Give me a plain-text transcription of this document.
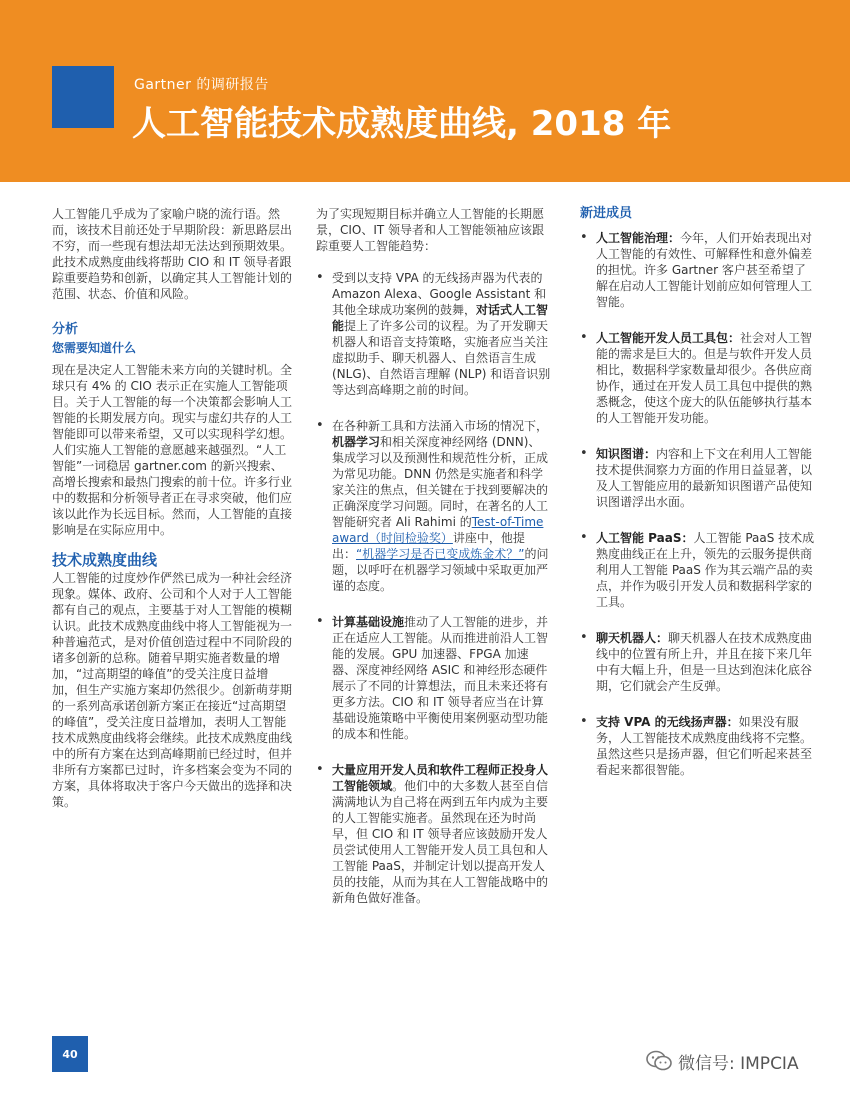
Gartner 的调研报告
人工智能技术成熟度曲线, 2018 年

人工智能几乎成为了家喻户晓的流行语。然而，该技术目前还处于早期阶段：新思路层出不穷，而一些现有想法却无法达到预期效果。此技术成熟度曲线将帮助 CIO 和 IT 领导者跟踪重要趋势和创新，以确定其人工智能计划的范围、状态、价值和风险。

分析
您需要知道什么

现在是决定人工智能未来方向的关键时机。全球只有 4% 的 CIO 表示正在实施人工智能项目。关于人工智能的每一个决策都会影响人工智能的长期发展方向。现实与虚幻共存的人工智能即可以带来希望，又可以实现科学幻想。人们实施人工智能的意愿越来越强烈。“人工智能”一词稳居 gartner.com 的新兴搜索、高增长搜索和最热门搜索的前十位。许多行业中的数据和分析领导者正在寻求突破，他们应该以此作为长远目标。然而，人工智能的直接影响是在实际应用中。

技术成熟度曲线

人工智能的过度炒作俨然已成为一种社会经济现象。媒体、政府、公司和个人对于人工智能都有自己的观点，主要基于对人工智能的模糊认识。此技术成熟度曲线中将人工智能视为一种普遍范式，是对价值创造过程中不同阶段的诸多创新的总称。随着早期实施者数量的增加，“过高期望的峰值”的受关注度日益增加，但生产实施方案却仍然很少。创新萌芽期的一系列高承诺创新方案正在接近“过高期望的峰值”，受关注度日益增加，表明人工智能技术成熟度曲线将会继续。此技术成熟度曲线中的所有方案在达到高峰期前已经过时，但并非所有方案都已过时，许多档案会变为不同的方案，具体将取决于客户今天做出的选择和决策。

为了实现短期目标并确立人工智能的长期愿景，CIO、IT 领导者和人工智能领袖应该跟踪重要人工智能趋势：

• 受到以支持 VPA 的无线扬声器为代表的 Amazon Alexa、Google Assistant 和其他全球成功案例的鼓舞，对话式人工智能提上了许多公司的议程。为了开发聊天机器人和语音支持策略，实施者应当关注虚拟助手、聊天机器人、自然语言生成 (NLG)、自然语言理解 (NLP) 和语音识别等达到高峰期之前的时间。
• 在各种新工具和方法涌入市场的情况下，机器学习和相关深度神经网络 (DNN)、集成学习以及预测性和规范性分析，正成为常见功能。DNN 仍然是实施者和科学家关注的焦点，但关键在于找到要解决的正确深度学习问题。同时，在著名的人工智能研究者 Ali Rahimi 的Test-of-Time award（时间检验奖）讲座中，他提出：“机器学习是否已变成炼金术？”的问题，以呼吁在机器学习领域中采取更加严谨的态度。
• 计算基础设施推动了人工智能的进步，并正在适应人工智能。从而推进前沿人工智能的发展。GPU 加速器、FPGA 加速器、深度神经网络 ASIC 和神经形态硬件展示了不同的计算想法，而且未来还将有更多方法。CIO 和 IT 领导者应当在计算基础设施策略中平衡使用案例驱动型功能的成本和性能。
• 大量应用开发人员和软件工程师正投身人工智能领域。他们中的大多数人甚至自信满满地认为自己将在两到五年内成为主要的人工智能实施者。虽然现在还为时尚早，但 CIO 和 IT 领导者应该鼓励开发人员尝试使用人工智能开发人员工具包和人工智能 PaaS，并制定计划以提高开发人员的技能，从而为其在人工智能战略中的新角色做好准备。
新进成员
• 人工智能治理：今年，人们开始表现出对人工智能的有效性、可解释性和意外偏差的担忧。许多 Gartner 客户甚至希望了解在启动人工智能计划前应如何管理人工智能。
• 人工智能开发人员工具包：社会对人工智能的需求是巨大的。但是与软件开发人员相比，数据科学家数量却很少。各供应商协作，通过在开发人员工具包中提供的熟悉概念，使这个庞大的队伍能够执行基本的人工智能开发功能。
• 知识图谱：内容和上下文在利用人工智能技术提供洞察力方面的作用日益显著，以及人工智能应用的最新知识图谱产品使知识图谱浮出水面。
• 人工智能 PaaS：人工智能 PaaS 技术成熟度曲线正在上升，领先的云服务提供商利用人工智能 PaaS 作为其云端产品的卖点，并作为吸引开发人员和数据科学家的工具。
• 聊天机器人：聊天机器人在技术成熟度曲线中的位置有所上升，并且在接下来几年中有大幅上升，但是一旦达到泡沫化底谷期，它们就会产生反弹。
• 支持 VPA 的无线扬声器：如果没有服务，人工智能技术成熟度曲线将不完整。虽然这些只是扬声器，但它们听起来甚至看起来都很智能。
40	微信号: IMPCIA
